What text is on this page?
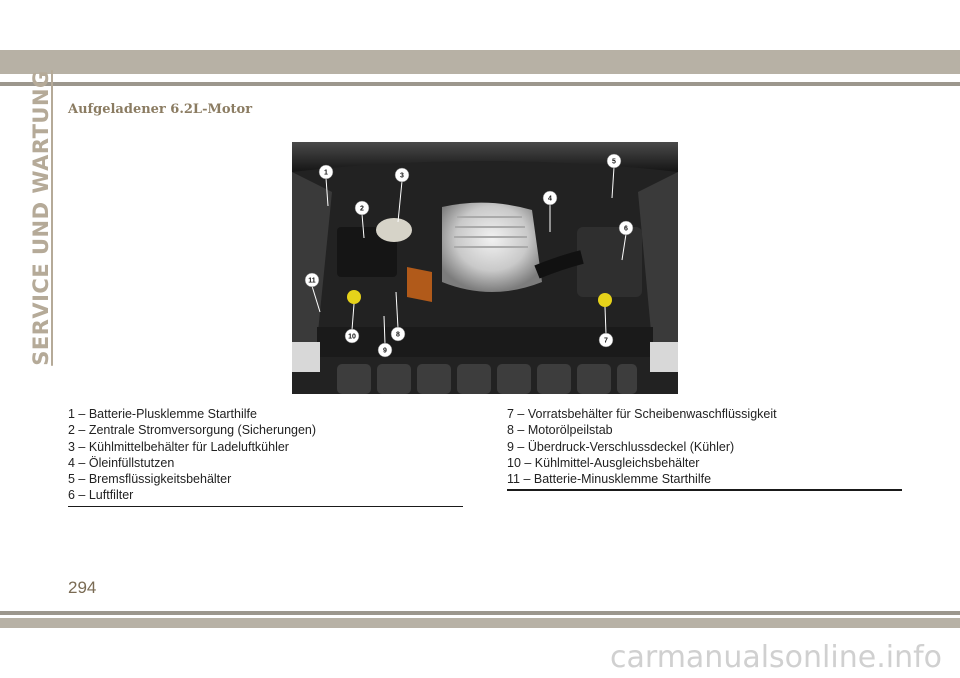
SERVICE UND WARTUNG Aufgeladener 6.2L-Motor
1
2
3
4
5
6
7
8
9
10
11
1 – Batterie-Plusklemme Starthilfe
2 – Zentrale Stromversorgung (Sicherungen)
3 – Kühlmittelbehälter für Ladeluftkühler
4 – Öleinfüllstutzen
5 – Bremsflüssigkeitsbehälter
6 – Luftfilter
7 – Vorratsbehälter für Scheibenwaschflüssigkeit
8 – Motorölpeilstab
9 – Überdruck-Verschlussdeckel (Kühler)
10 – Kühlmittel-Ausgleichsbehälter
11 – Batterie-Minusklemme Starthilfe
294
carmanualsonline.info
